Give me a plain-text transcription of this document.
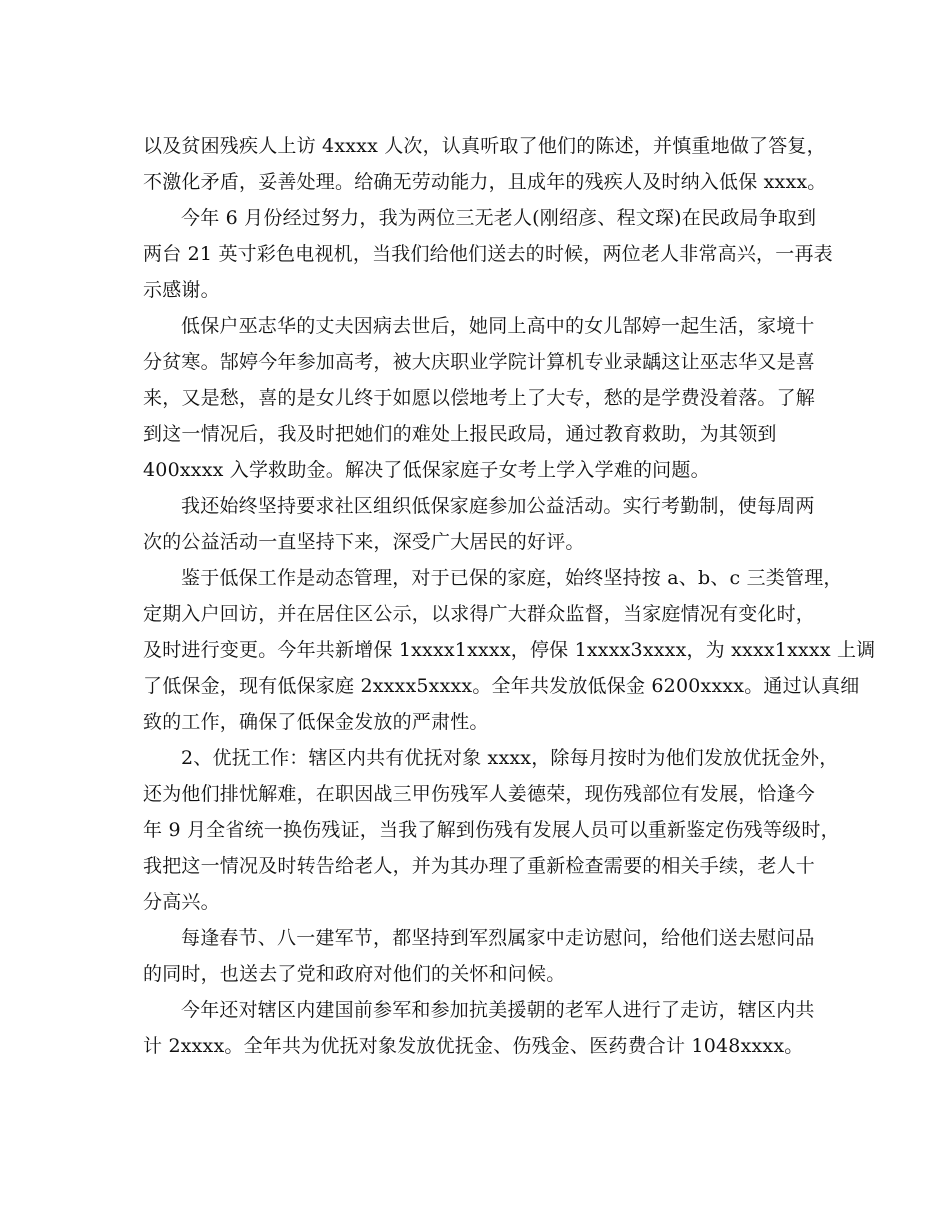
以及贫困残疾人上访 4xxxx 人次，认真听取了他们的陈述，并慎重地做了答复，
不激化矛盾，妥善处理。给确无劳动能力，且成年的残疾人及时纳入低保 xxxx。

今年 6 月份经过努力，我为两位三无老人(刚绍彦、程文琛)在民政局争取到
两台 21 英寸彩色电视机，当我们给他们送去的时候，两位老人非常高兴，一再表
示感谢。

低保户巫志华的丈夫因病去世后，她同上高中的女儿郜婷一起生活，家境十
分贫寒。郜婷今年参加高考，被大庆职业学院计算机专业录龋这让巫志华又是喜
来，又是愁，喜的是女儿终于如愿以偿地考上了大专，愁的是学费没着落。了解
到这一情况后，我及时把她们的难处上报民政局，通过教育救助，为其领到
400xxxx 入学救助金。解决了低保家庭子女考上学入学难的问题。

我还始终坚持要求社区组织低保家庭参加公益活动。实行考勤制，使每周两
次的公益活动一直坚持下来，深受广大居民的好评。

鉴于低保工作是动态管理，对于已保的家庭，始终坚持按 a、b、c 三类管理，
定期入户回访，并在居住区公示，以求得广大群众监督，当家庭情况有变化时，
及时进行变更。今年共新增保 1xxxx1xxxx，停保 1xxxx3xxxx，为 xxxx1xxxx 上调
了低保金，现有低保家庭 2xxxx5xxxx。全年共发放低保金 6200xxxx。通过认真细
致的工作，确保了低保金发放的严肃性。

2、优抚工作：辖区内共有优抚对象 xxxx，除每月按时为他们发放优抚金外，
还为他们排忧解难，在职因战三甲伤残军人姜德荣，现伤残部位有发展，恰逢今
年 9 月全省统一换伤残证，当我了解到伤残有发展人员可以重新鉴定伤残等级时，
我把这一情况及时转告给老人，并为其办理了重新检查需要的相关手续，老人十
分高兴。

每逢春节、八一建军节，都坚持到军烈属家中走访慰问，给他们送去慰问品
的同时，也送去了党和政府对他们的关怀和问候。

今年还对辖区内建国前参军和参加抗美援朝的老军人进行了走访，辖区内共
计 2xxxx。全年共为优抚对象发放优抚金、伤残金、医药费合计 1048xxxx。
